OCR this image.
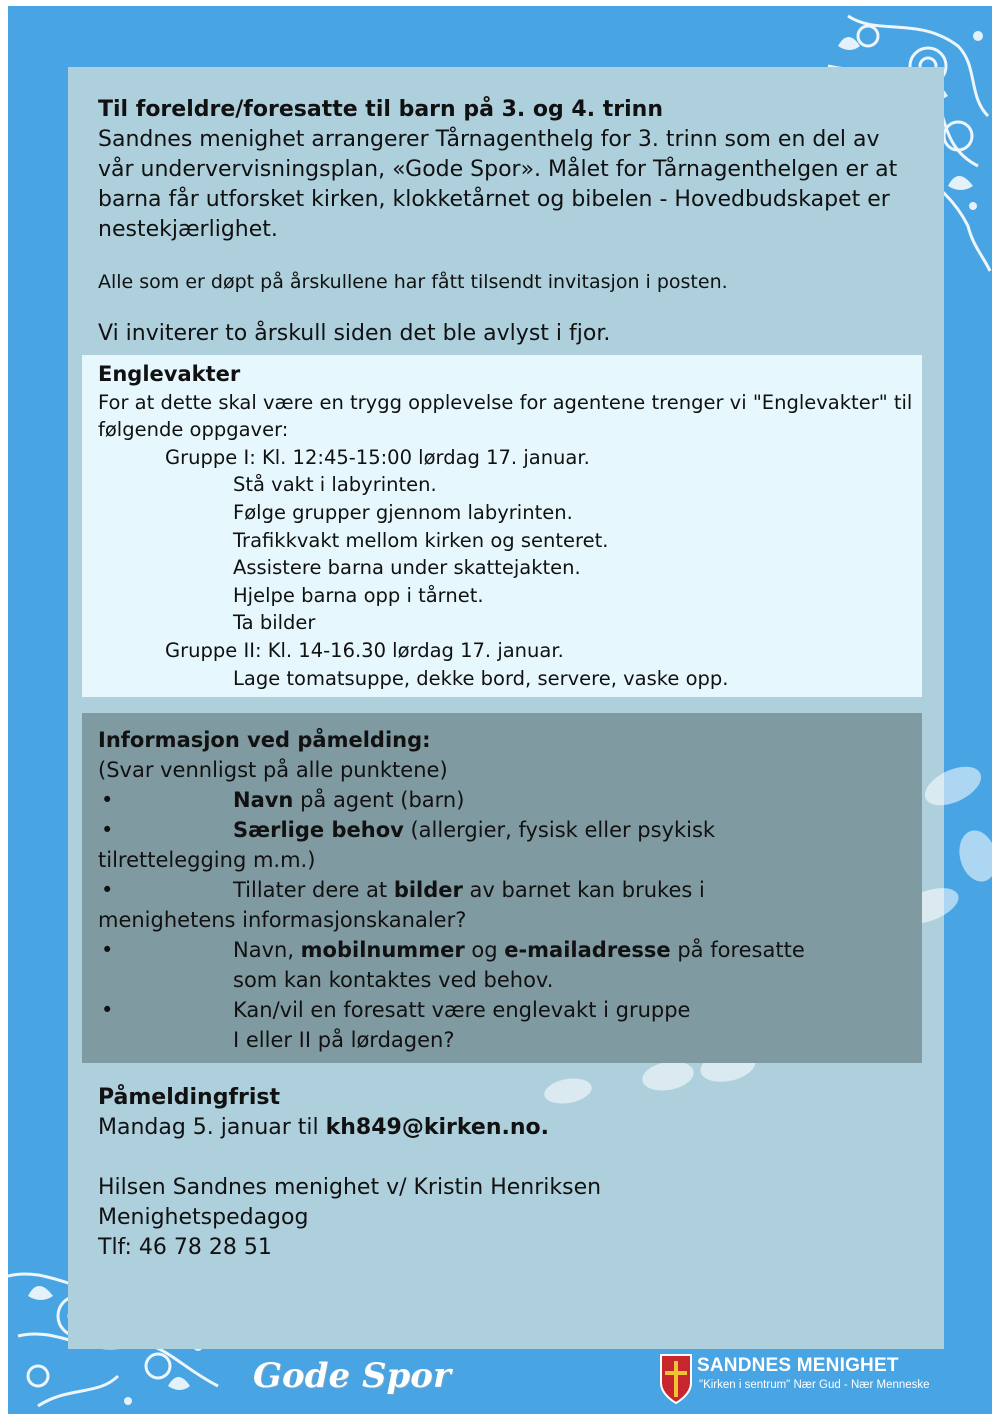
Gode Spor	SANDNES MENIGHET
"Kirken i sentrum" Nær Gud - Nær Menneske

Til foreldre/foresatte til barn på 3. og 4. trinn

Sandnes menighet arrangerer Tårnagenthelg for 3. trinn som en del av vår undervervisningsplan, «Gode Spor». Målet for Tårnagenthelgen er at barna får utforsket kirken, klokketårnet og bibelen - Hovedbudskapet er nestekjærlighet.

Alle som er døpt på årskullene har fått tilsendt invitasjon i posten.

Vi inviterer to årskull siden det ble avlyst i fjor.

Englevakter
For at dette skal være en trygg opplevelse for agentene trenger vi "Englevakter" til følgende oppgaver:
Gruppe I: Kl. 12:45-15:00 lørdag 17. januar.
Stå vakt i labyrinten.
Følge grupper gjennom labyrinten.
Trafikkvakt mellom kirken og senteret.
Assistere barna under skattejakten.
Hjelpe barna opp i tårnet.
Ta bilder
Gruppe II: Kl. 14-16.30 lørdag 17. januar.
Lage tomatsuppe, dekke bord, servere, vaske opp.
Informasjon ved påmelding:
(Svar vennligst på alle punktene)
•	Navn på agent (barn)
•	Særlige behov (allergier, fysisk eller psykisk
tilrettelegging m.m.)
•	Tillater dere at bilder av barnet kan brukes i
menighetens informasjonskanaler?
•	Navn, mobilnummer og e-mailadresse på foresatte
som kan kontaktes ved behov.
•	Kan/vil en foresatt være englevakt i gruppe
I eller II på lørdagen?
Påmeldingfrist
Mandag 5. januar til kh849@kirken.no.
Hilsen Sandnes menighet v/ Kristin Henriksen
Menighetspedagog
Tlf: 46 78 28 51
